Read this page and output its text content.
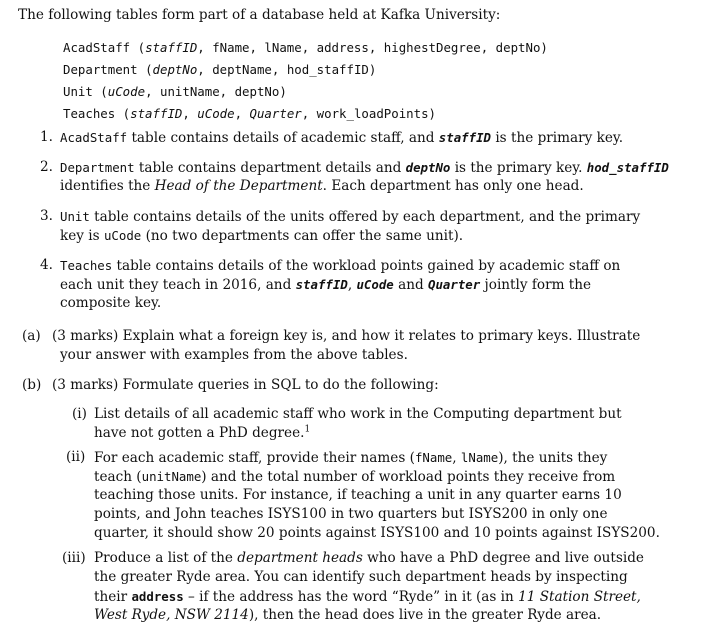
The following tables form part of a database held at Kafka University:
AcadStaff (staffID, fName, lName, address, highestDegree, deptNo)
Department (deptNo, deptName, hod_staffID)
Unit (uCode, unitName, deptNo)
Teaches (staffID, uCode, Quarter, work_loadPoints)
1. AcadStaff table contains details of academic staff, and staffID is the primary key.
2. Department table contains department details and deptNo is the primary key. hod_staffID
identifies the Head of the Department. Each department has only one head.
3. Unit table contains details of the units offered by each department, and the primary
key is uCode (no two departments can offer the same unit).
4. Teaches table contains details of the workload points gained by academic staff on
each unit they teach in 2016, and staffID, uCode and Quarter jointly form the
composite key.
(a) (3 marks) Explain what a foreign key is, and how it relates to primary keys. Illustrate
your answer with examples from the above tables.
(b) (3 marks) Formulate queries in SQL to do the following:
(i) List details of all academic staff who work in the Computing department but
have not gotten a PhD degree.$^1$
(ii) For each academic staff, provide their names (fName, lName), the units they
teach (unitName) and the total number of workload points they receive from
teaching those units. For instance, if teaching a unit in any quarter earns 10
points, and John teaches ISYS100 in two quarters but ISYS200 in only one
quarter, it should show 20 points against ISYS100 and 10 points against ISYS200.
(iii) Produce a list of the department heads who have a PhD degree and live outside
the greater Ryde area. You can identify such department heads by inspecting
their address – if the address has the word “Ryde” in it (as in 11 Station Street,
West Ryde, NSW 2114), then the head does live in the greater Ryde area.
